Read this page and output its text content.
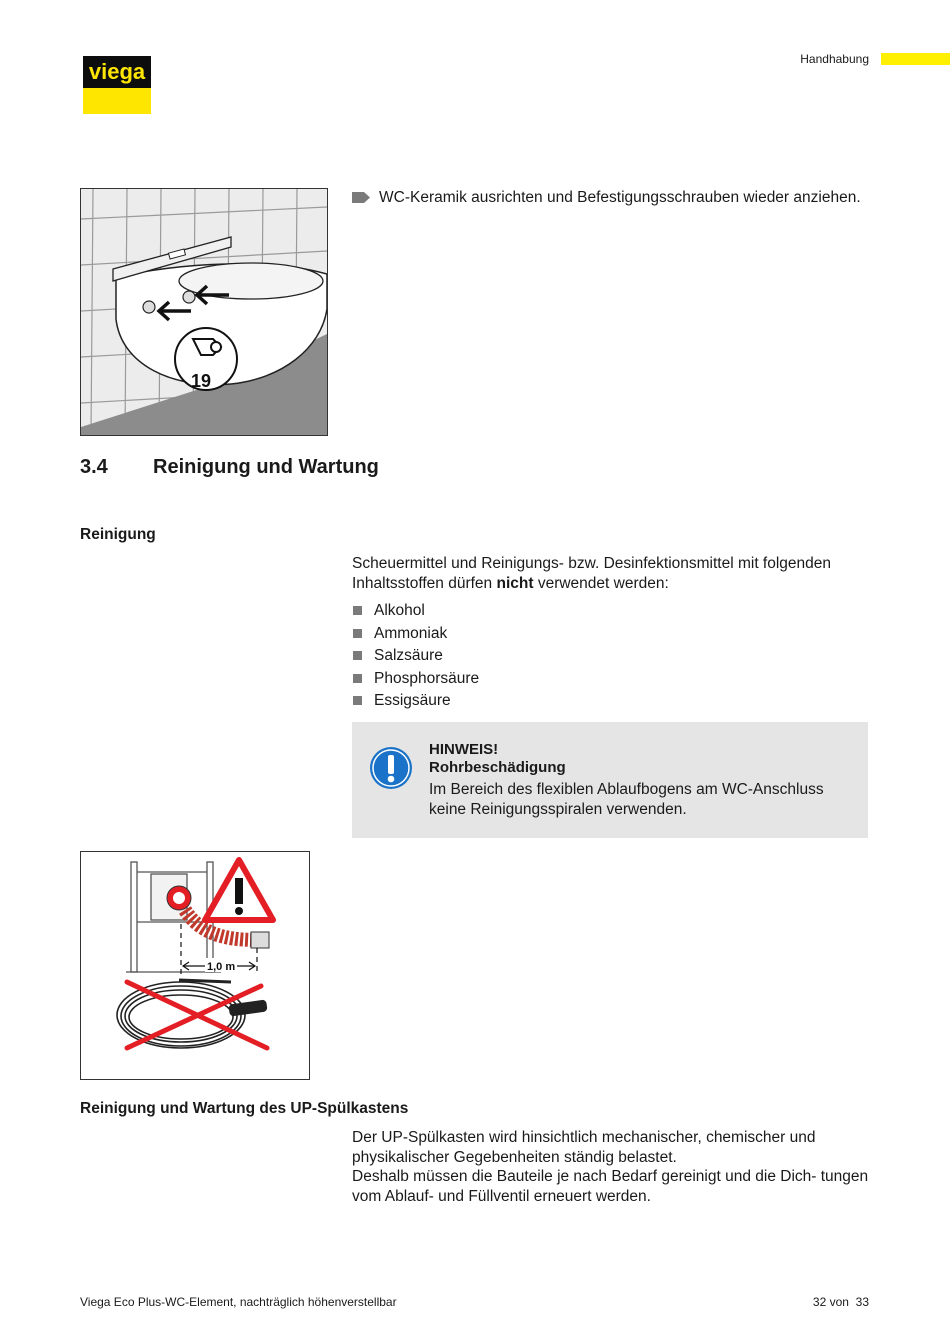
viega	Handhabung
19
WC-Keramik ausrichten und Befestigungsschrauben wieder anziehen.
3.4 Reinigung und Wartung
Reinigung
Scheuermittel und Reinigungs- bzw. Desinfektionsmittel mit folgenden Inhaltsstoffen dürfen nicht verwendet werden:
Alkohol
Ammoniak
Salzsäure
Phosphorsäure
Essigsäure
HINWEIS!
Rohrbeschädigung
Im Bereich des flexiblen Ablaufbogens am WC-Anschluss keine Reinigungsspiralen verwenden.
1,0 m
Reinigung und Wartung des UP-Spülkastens

Der UP-Spülkasten wird hinsichtlich mechanischer, chemischer und physikalischer Gegebenheiten ständig belastet.

Deshalb müssen die Bauteile je nach Bedarf gereinigt und die Dich- tungen vom Ablauf- und Füllventil erneuert werden.

Viega Eco Plus-WC-Element, nachträglich höhenverstellbar	32 von 33
